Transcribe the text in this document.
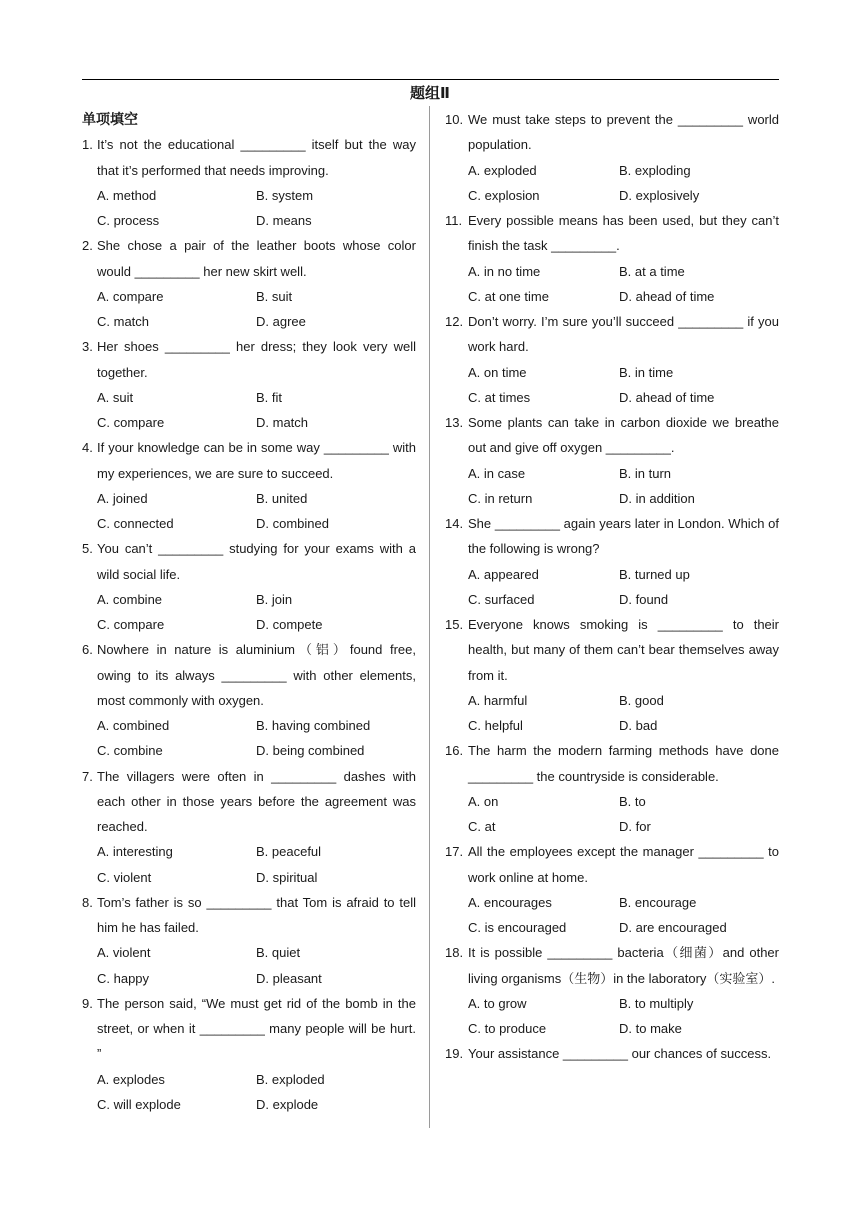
题组Ⅱ
单项填空
1. It’s not the educational _________ itself but the way that it’s performed that needs improving.
A. method	B. system
C. process	D. means
2. She chose a pair of the leather boots whose color would _________ her new skirt well.
A. compare	B. suit
C. match	D. agree
3. Her shoes _________ her dress; they look very well together.
A. suit	B. fit
C. compare	D. match
4. If your knowledge can be in some way _________ with my experiences, we are sure to succeed.
A. joined	B. united
C. connected	D. combined
5. You can’t _________ studying for your exams with a wild social life.
A. combine	B. join
C. compare	D. compete
6. Nowhere in nature is aluminium（铝）found free, owing to its always _________ with other elements, most commonly with oxygen.
A. combined	B. having combined
C. combine	D. being combined
7. The villagers were often in _________ dashes with each other in those years before the agreement was reached.
A. interesting	B. peaceful
C. violent	D. spiritual
8. Tom’s father is so _________ that Tom is afraid to tell him he has failed.
A. violent	B. quiet
C. happy	D. pleasant
9. The person said, “We must get rid of the bomb in the street, or when it _________ many people will be hurt. ”
A. explodes	B. exploded
C. will explode	D. explode
10. We must take steps to prevent the _________ world population.
A. exploded	B. exploding
C. explosion	D. explosively
11. Every possible means has been used, but they can’t finish the task _________.
A. in no time	B. at a time
C. at one time	D. ahead of time
12. Don’t worry. I’m sure you’ll succeed _________ if you work hard.
A. on time	B. in time
C. at times	D. ahead of time
13. Some plants can take in carbon dioxide we breathe out and give off oxygen _________.
A. in case	B. in turn
C. in return	D. in addition
14. She _________ again years later in London. Which of the following is wrong?
A. appeared	B. turned up
C. surfaced	D. found
15. Everyone knows smoking is _________ to their health, but many of them can’t bear themselves away from it.
A. harmful	B. good
C. helpful	D. bad
16. The harm the modern farming methods have done _________ the countryside is considerable.
A. on	B. to
C. at	D. for
17. All the employees except the manager _________ to work online at home.
A. encourages	B. encourage
C. is encouraged	D. are encouraged
18. It is possible _________ bacteria（细菌）and other living organisms（生物）in the laboratory（实验室）.
A. to grow	B. to multiply
C. to produce	D. to make
19. Your assistance _________ our chances of success.
